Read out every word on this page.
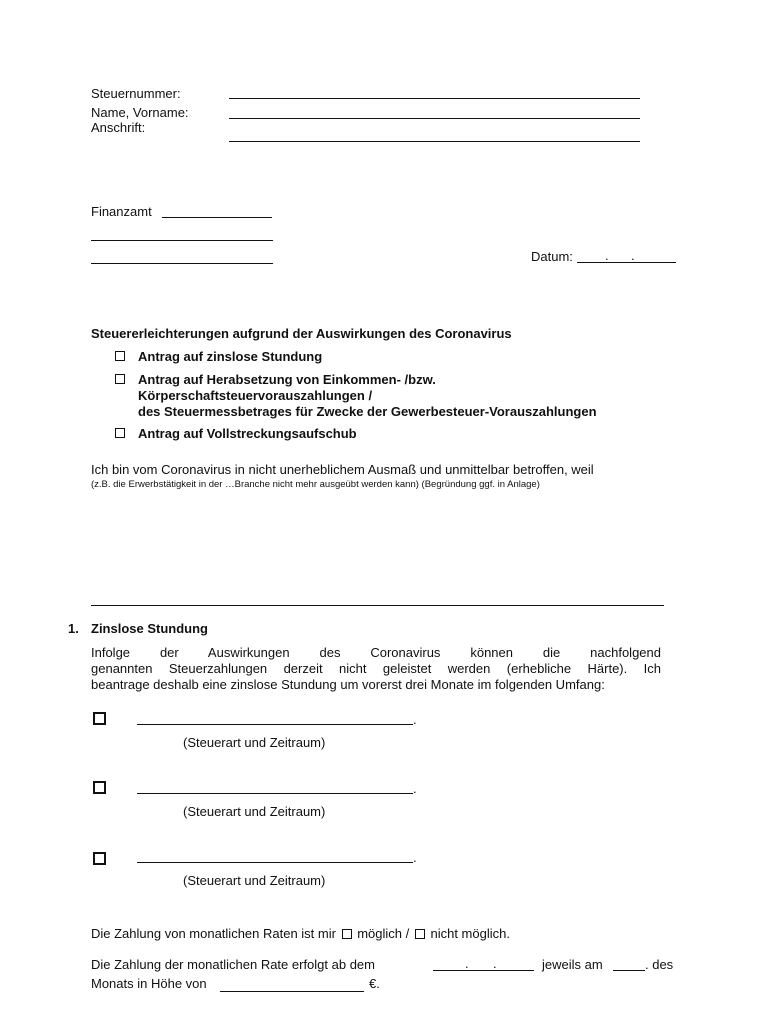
Steuernummer:
Name, Vorname:
Anschrift:
Finanzamt
Datum: . .
Steuererleichterungen aufgrund der Auswirkungen des Coronavirus
Antrag auf zinslose Stundung
Antrag auf Herabsetzung von Einkommen- /bzw.
Körperschaftsteuervorauszahlungen /
des Steuermessbetrages für Zwecke der Gewerbesteuer-Vorauszahlungen
Antrag auf Vollstreckungsaufschub
Ich bin vom Coronavirus in nicht unerheblichem Ausmaß und unmittelbar betroffen, weil
(z.B. die Erwerbstätigkeit in der …Branche nicht mehr ausgeübt werden kann) (Begründung ggf. in Anlage)
1. Zinslose Stundung
Infolge der Auswirkungen des Coronavirus können die nachfolgend
genannten Steuerzahlungen derzeit nicht geleistet werden (erhebliche Härte). Ich
beantrage deshalb eine zinslose Stundung um vorerst drei Monate im folgenden Umfang:
.
(Steuerart und Zeitraum)
.
(Steuerart und Zeitraum)
.
(Steuerart und Zeitraum)
Die Zahlung von monatlichen Raten ist mir möglich / nicht möglich.
Die Zahlung der monatlichen Rate erfolgt ab dem	. .	jeweils am	. des
Monats in Höhe von	€.
